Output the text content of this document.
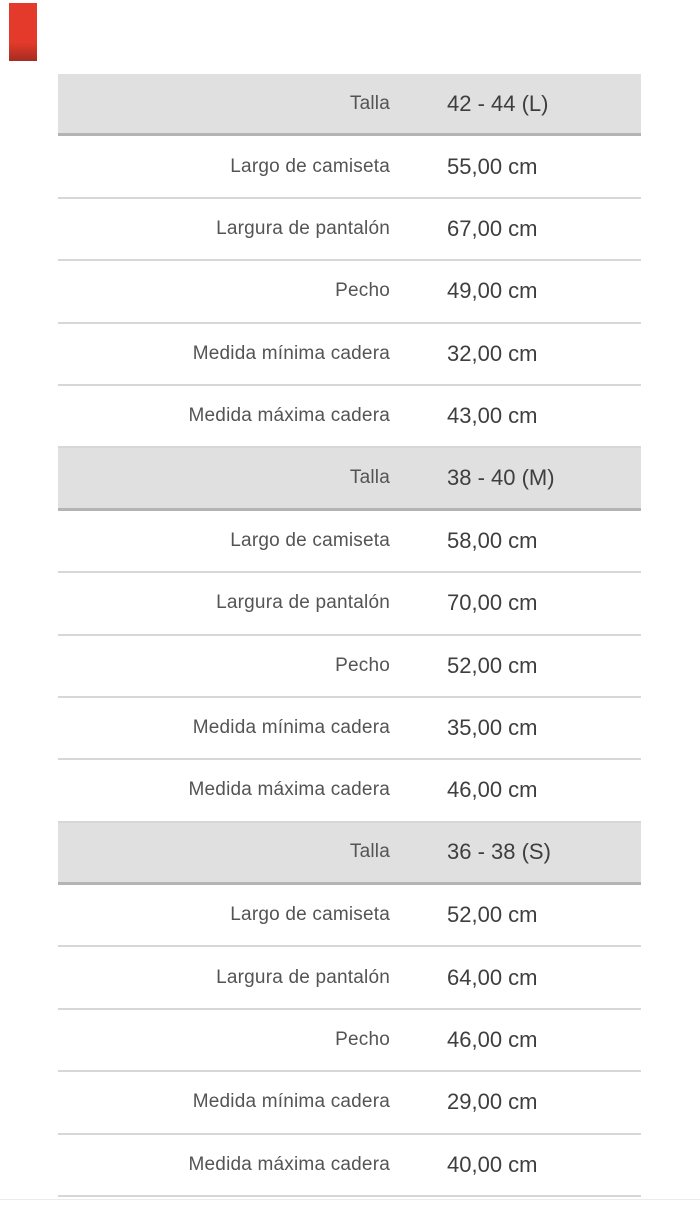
Talla	42 - 44 (L)
Largo de camiseta	55,00 cm
Largura de pantalón	67,00 cm
Pecho	49,00 cm
Medida mínima cadera	32,00 cm
Medida máxima cadera	43,00 cm
Talla	38 - 40 (M)
Largo de camiseta	58,00 cm
Largura de pantalón	70,00 cm
Pecho	52,00 cm
Medida mínima cadera	35,00 cm
Medida máxima cadera	46,00 cm
Talla	36 - 38 (S)
Largo de camiseta	52,00 cm
Largura de pantalón	64,00 cm
Pecho	46,00 cm
Medida mínima cadera	29,00 cm
Medida máxima cadera	40,00 cm
